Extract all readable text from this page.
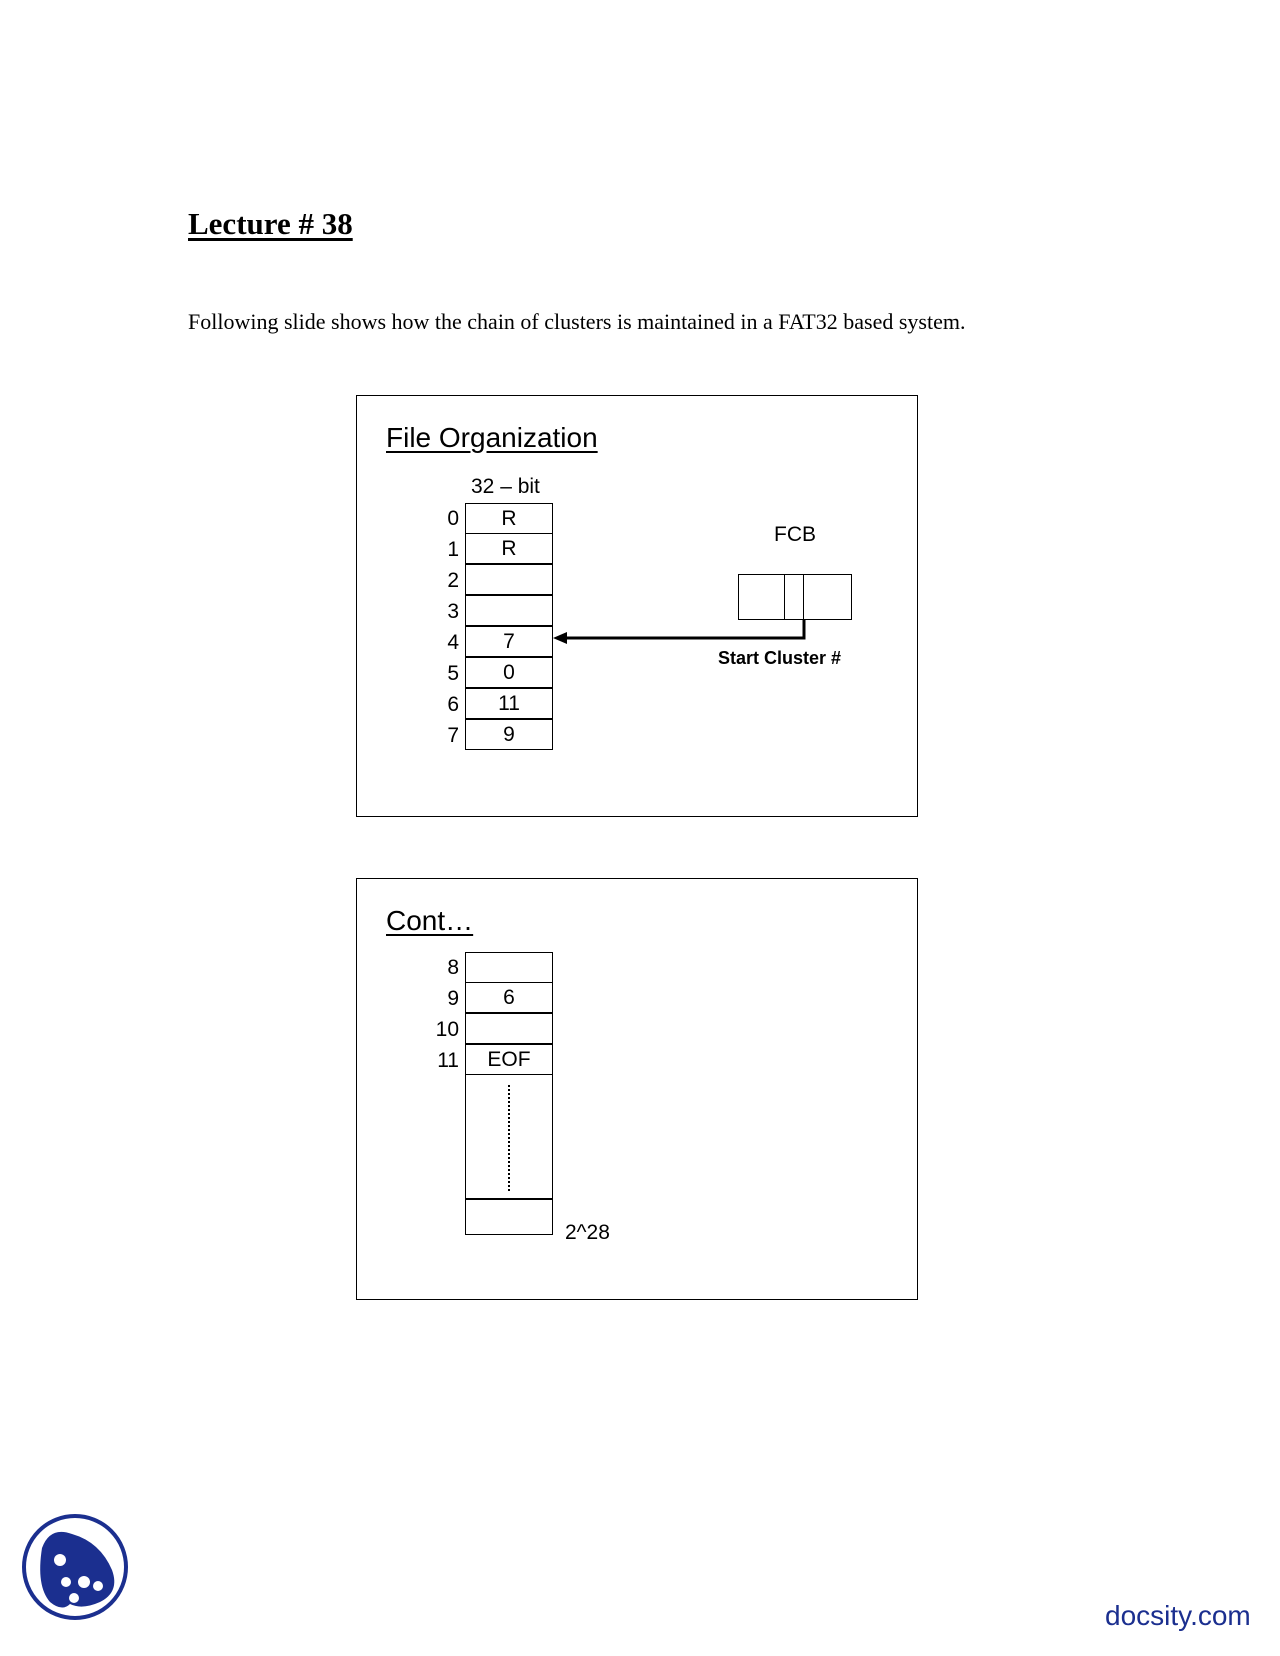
Lecture # 38

Following slide shows how the chain of clusters is maintained in a FAT32 based system.

File Organization
32 – bit
0	R
1	R
2
3
4	7
5	0
6	11
7	9
FCB
Start Cluster #
Cont…
8
9	6
10
11	EOF
2^28
docsity.com
